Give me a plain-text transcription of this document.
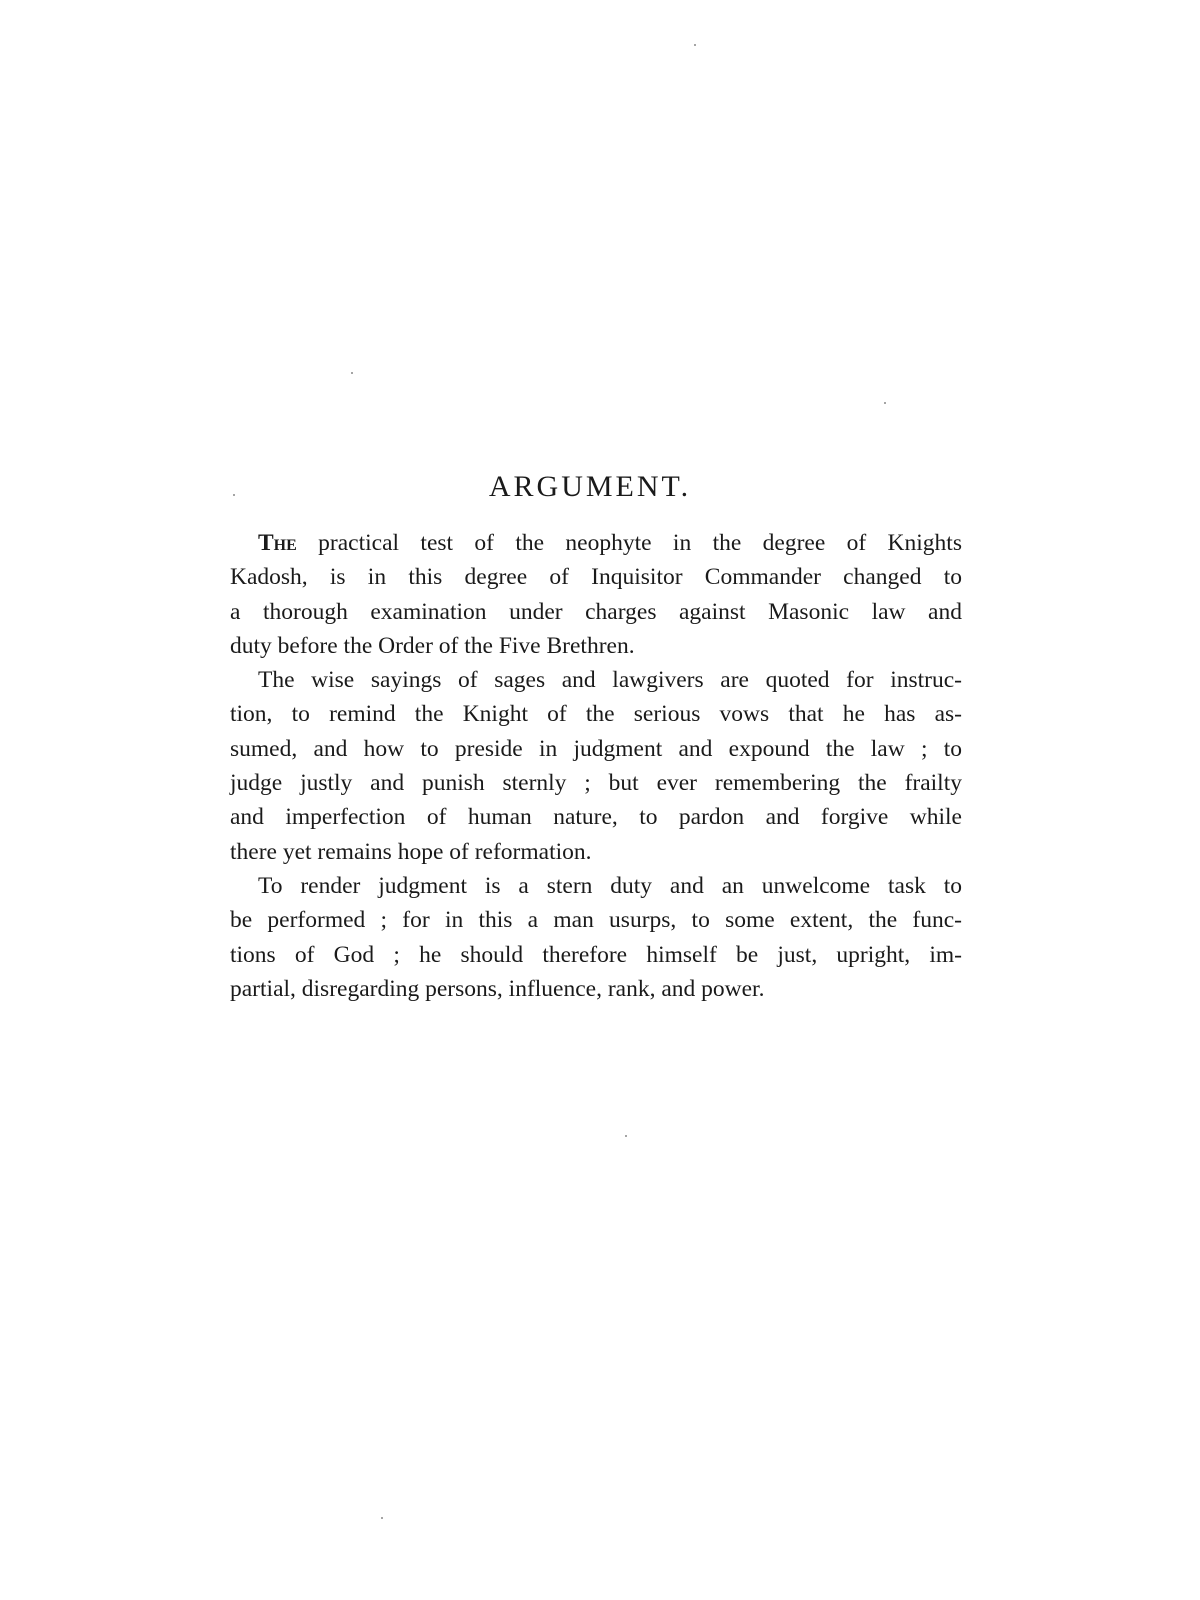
ARGUMENT.
The practical test of the neophyte in the degree of Knights
Kadosh, is in this degree of Inquisitor Commander changed to
a thorough examination under charges against Masonic law and
duty before the Order of the Five Brethren.
The wise sayings of sages and lawgivers are quoted for instruc-
tion, to remind the Knight of the serious vows that he has as-
sumed, and how to preside in judgment and expound the law ; to
judge justly and punish sternly ; but ever remembering the frailty
and imperfection of human nature, to pardon and forgive while
there yet remains hope of reformation.
To render judgment is a stern duty and an unwelcome task to
be performed ; for in this a man usurps, to some extent, the func-
tions of God ; he should therefore himself be just, upright, im-
partial, disregarding persons, influence, rank, and power.
